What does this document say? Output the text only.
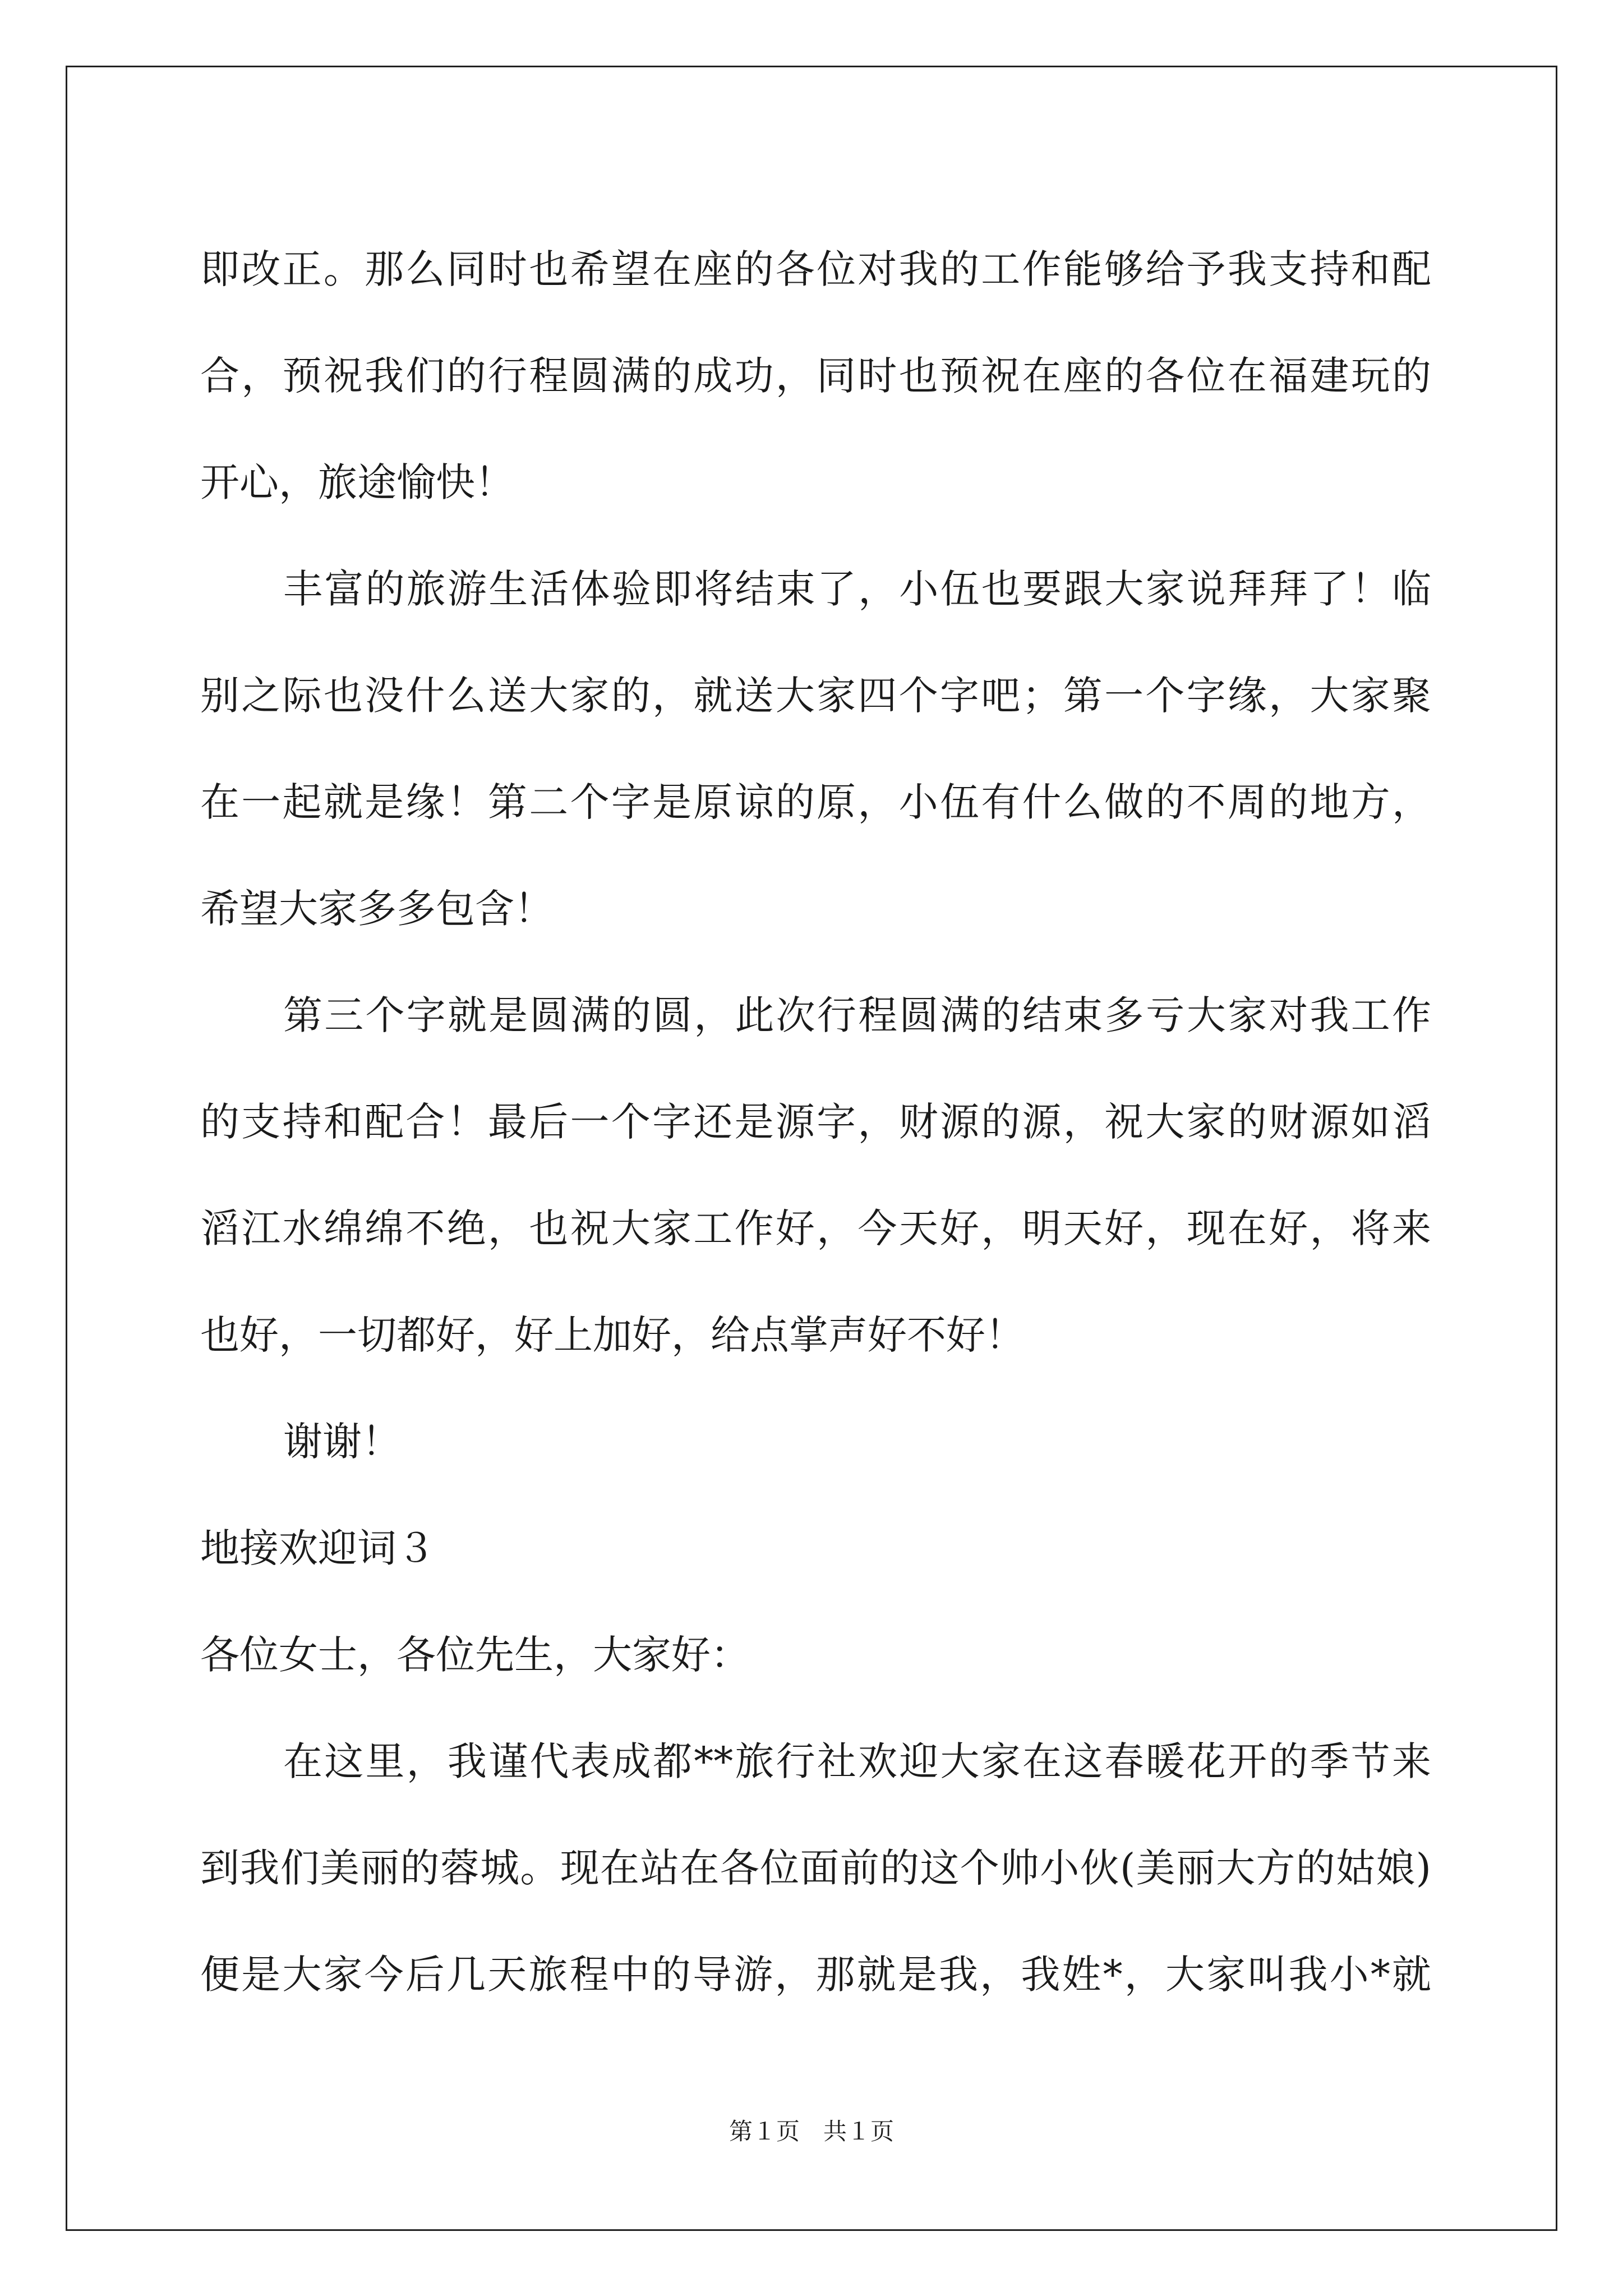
即改正。那么同时也希望在座的各位对我的工作能够给予我支持和配
合，预祝我们的行程圆满的成功，同时也预祝在座的各位在福建玩的
开心，旅途愉快！
丰富的旅游生活体验即将结束了，小伍也要跟大家说拜拜了！临
别之际也没什么送大家的，就送大家四个字吧；第一个字缘，大家聚
在一起就是缘！第二个字是原谅的原，小伍有什么做的不周的地方，
希望大家多多包含！
第三个字就是圆满的圆，此次行程圆满的结束多亏大家对我工作
的支持和配合！最后一个字还是源字，财源的源，祝大家的财源如滔
滔江水绵绵不绝，也祝大家工作好，今天好，明天好，现在好，将来
也好，一切都好，好上加好，给点掌声好不好！
谢谢！
地接欢迎词３
各位女士，各位先生，大家好：
在这里，我谨代表成都**旅行社欢迎大家在这春暖花开的季节来
到我们美丽的蓉城。现在站在各位面前的这个帅小伙(美丽大方的姑娘)
便是大家今后几天旅程中的导游，那就是我，我姓*，大家叫我小*就
第１页　共１页
